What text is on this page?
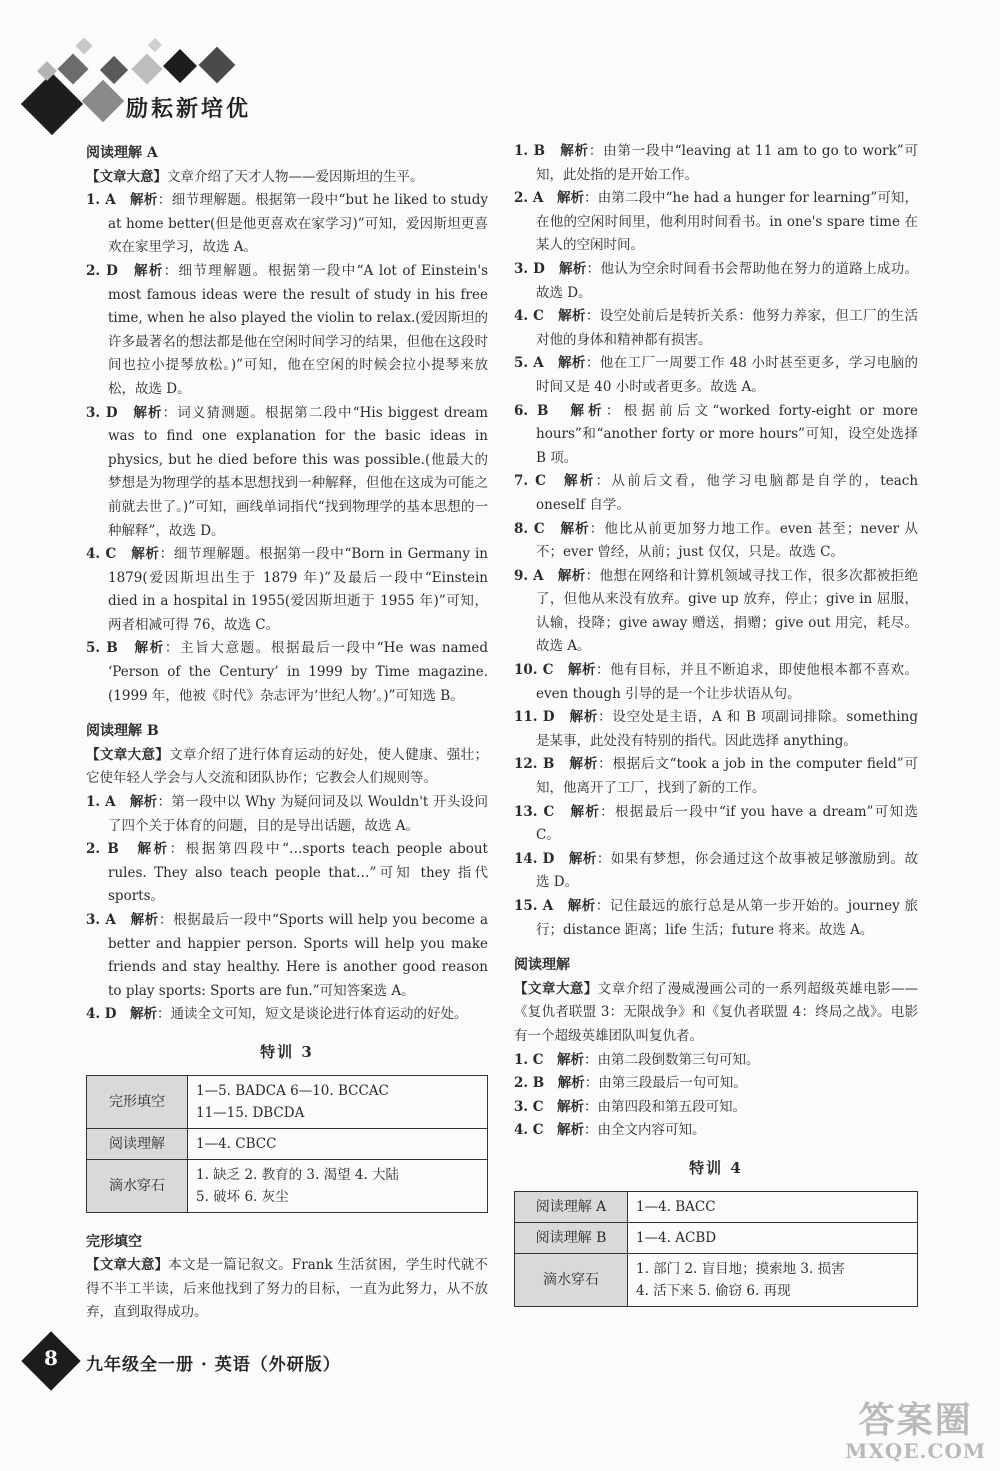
励耘新培优
阅读理解 A
【文章大意】文章介绍了天才人物——爱因斯坦的生平。
1. A　 解析：细节理解题。根据第一段中“but he liked to study at home better(但是他更喜欢在家学习)”可知，爱因斯坦更喜欢在家里学习，故选 A。
2. D　 解析：细节理解题。根据第一段中“A lot of Einstein's most famous ideas were the result of study in his free time, when he also played the violin to relax.(爱因斯坦的许多最著名的想法都是他在空闲时间学习的结果，但他在这段时间也拉小提琴放松。)”可知，他在空闲的时候会拉小提琴来放松，故选 D。
3. D　 解析：词义猜测题。根据第二段中“His biggest dream was to find one explanation for the basic ideas in physics, but he died before this was possible.(他最大的梦想是为物理学的基本思想找到一种解释，但他在这成为可能之前就去世了。)”可知，画线单词指代“找到物理学的基本思想的一种解释”，故选 D。
4. C　 解析：细节理解题。根据第一段中“Born in Germany in 1879(爱因斯坦出生于 1879 年)”及最后一段中“Einstein died in a hospital in 1955(爱因斯坦逝于 1955 年)”可知，两者相减可得 76，故选 C。
5. B　 解析：主旨大意题。根据最后一段中“He was named ‘Person of the Century’ in 1999 by Time magazine.(1999 年，他被《时代》杂志评为‘世纪人物’。)”可知选 B。
阅读理解 B
【文章大意】文章介绍了进行体育运动的好处，使人健康、强壮；它使年轻人学会与人交流和团队协作；它教会人们规则等。
1. A　 解析：第一段中以 Why 为疑问词及以 Wouldn't 开头设问了四个关于体育的问题，目的是导出话题，故选 A。
2. B　 解析：根据第四段中“…sports teach people about rules. They also teach people that…”可知 they 指代 sports。
3. A　 解析：根据最后一段中“Sports will help you become a better and happier person. Sports will help you make friends and stay healthy. Here is another good reason to play sports: Sports are fun.”可知答案选 A。
4. D　 解析：通读全文可知，短文是谈论进行体育运动的好处。
特训 3
完形填空	1—5. BADCA 6—10. BCCAC
11—15. DBCDA

阅读理解	1—4. CBCC

滴水穿石	1. 缺乏 2. 教育的 3. 渴望 4. 大陆
5. 破坏 6. 灰尘
完形填空
【文章大意】本文是一篇记叙文。Frank 生活贫困，学生时代就不得不半工半读，后来他找到了努力的目标，一直为此努力，从不放弃，直到取得成功。
1. B　 解析：由第一段中“leaving at 11 am to go to work”可知，此处指的是开始工作。
2. A　 解析：由第二段中“he had a hunger for learning”可知，在他的空闲时间里，他利用时间看书。in one's spare time 在某人的空闲时间。
3. D　 解析：他认为空余时间看书会帮助他在努力的道路上成功。故选 D。
4. C　 解析：设空处前后是转折关系：他努力养家，但工厂的生活对他的身体和精神都有损害。
5. A　 解析：他在工厂一周要工作 48 小时甚至更多，学习电脑的时间又是 40 小时或者更多。故选 A。
6. B　 解析：根据前后文“worked forty-eight or more hours”和“another forty or more hours”可知，设空处选择 B 项。
7. C　 解析：从前后文看，他学习电脑都是自学的，teach oneself 自学。
8. C　 解析：他比从前更加努力地工作。even 甚至；never 从不；ever 曾经，从前；just 仅仅，只是。故选 C。
9. A　 解析：他想在网络和计算机领域寻找工作，很多次都被拒绝了，但他从来没有放弃。give up 放弃，停止；give in 屈服，认输，投降；give away 赠送，捐赠；give out 用完，耗尽。故选 A。
10. C　 解析：他有目标，并且不断追求，即使他根本都不喜欢。even though 引导的是一个让步状语从句。
11. D　 解析：设空处是主语，A 和 B 项副词排除。something 是某事，此处没有特别的指代。因此选择 anything。
12. B　 解析：根据后文“took a job in the computer field”可知，他离开了工厂，找到了新的工作。
13. C　 解析：根据最后一段中“if you have a dream”可知选 C。
14. D　 解析：如果有梦想，你会通过这个故事被足够激励到。故选 D。
15. A　 解析：记住最远的旅行总是从第一步开始的。journey 旅行；distance 距离；life 生活；future 将来。故选 A。
阅读理解
【文章大意】文章介绍了漫威漫画公司的一系列超级英雄电影——《复仇者联盟 3：无限战争》和《复仇者联盟 4：终局之战》。电影有一个超级英雄团队叫复仇者。
1. C　 解析：由第二段倒数第三句可知。
2. B　 解析：由第三段最后一句可知。
3. C　 解析：由第四段和第五段可知。
4. C　 解析：由全文内容可知。
特训 4
阅读理解 A	1—4. BACC

阅读理解 B	1—4. ACBD

滴水穿石	1. 部门 2. 盲目地；摸索地 3. 损害
4. 活下来 5. 偷窃 6. 再现
8	九年级全一册 · 英语（外研版）
答案圈
MXQE.COM
